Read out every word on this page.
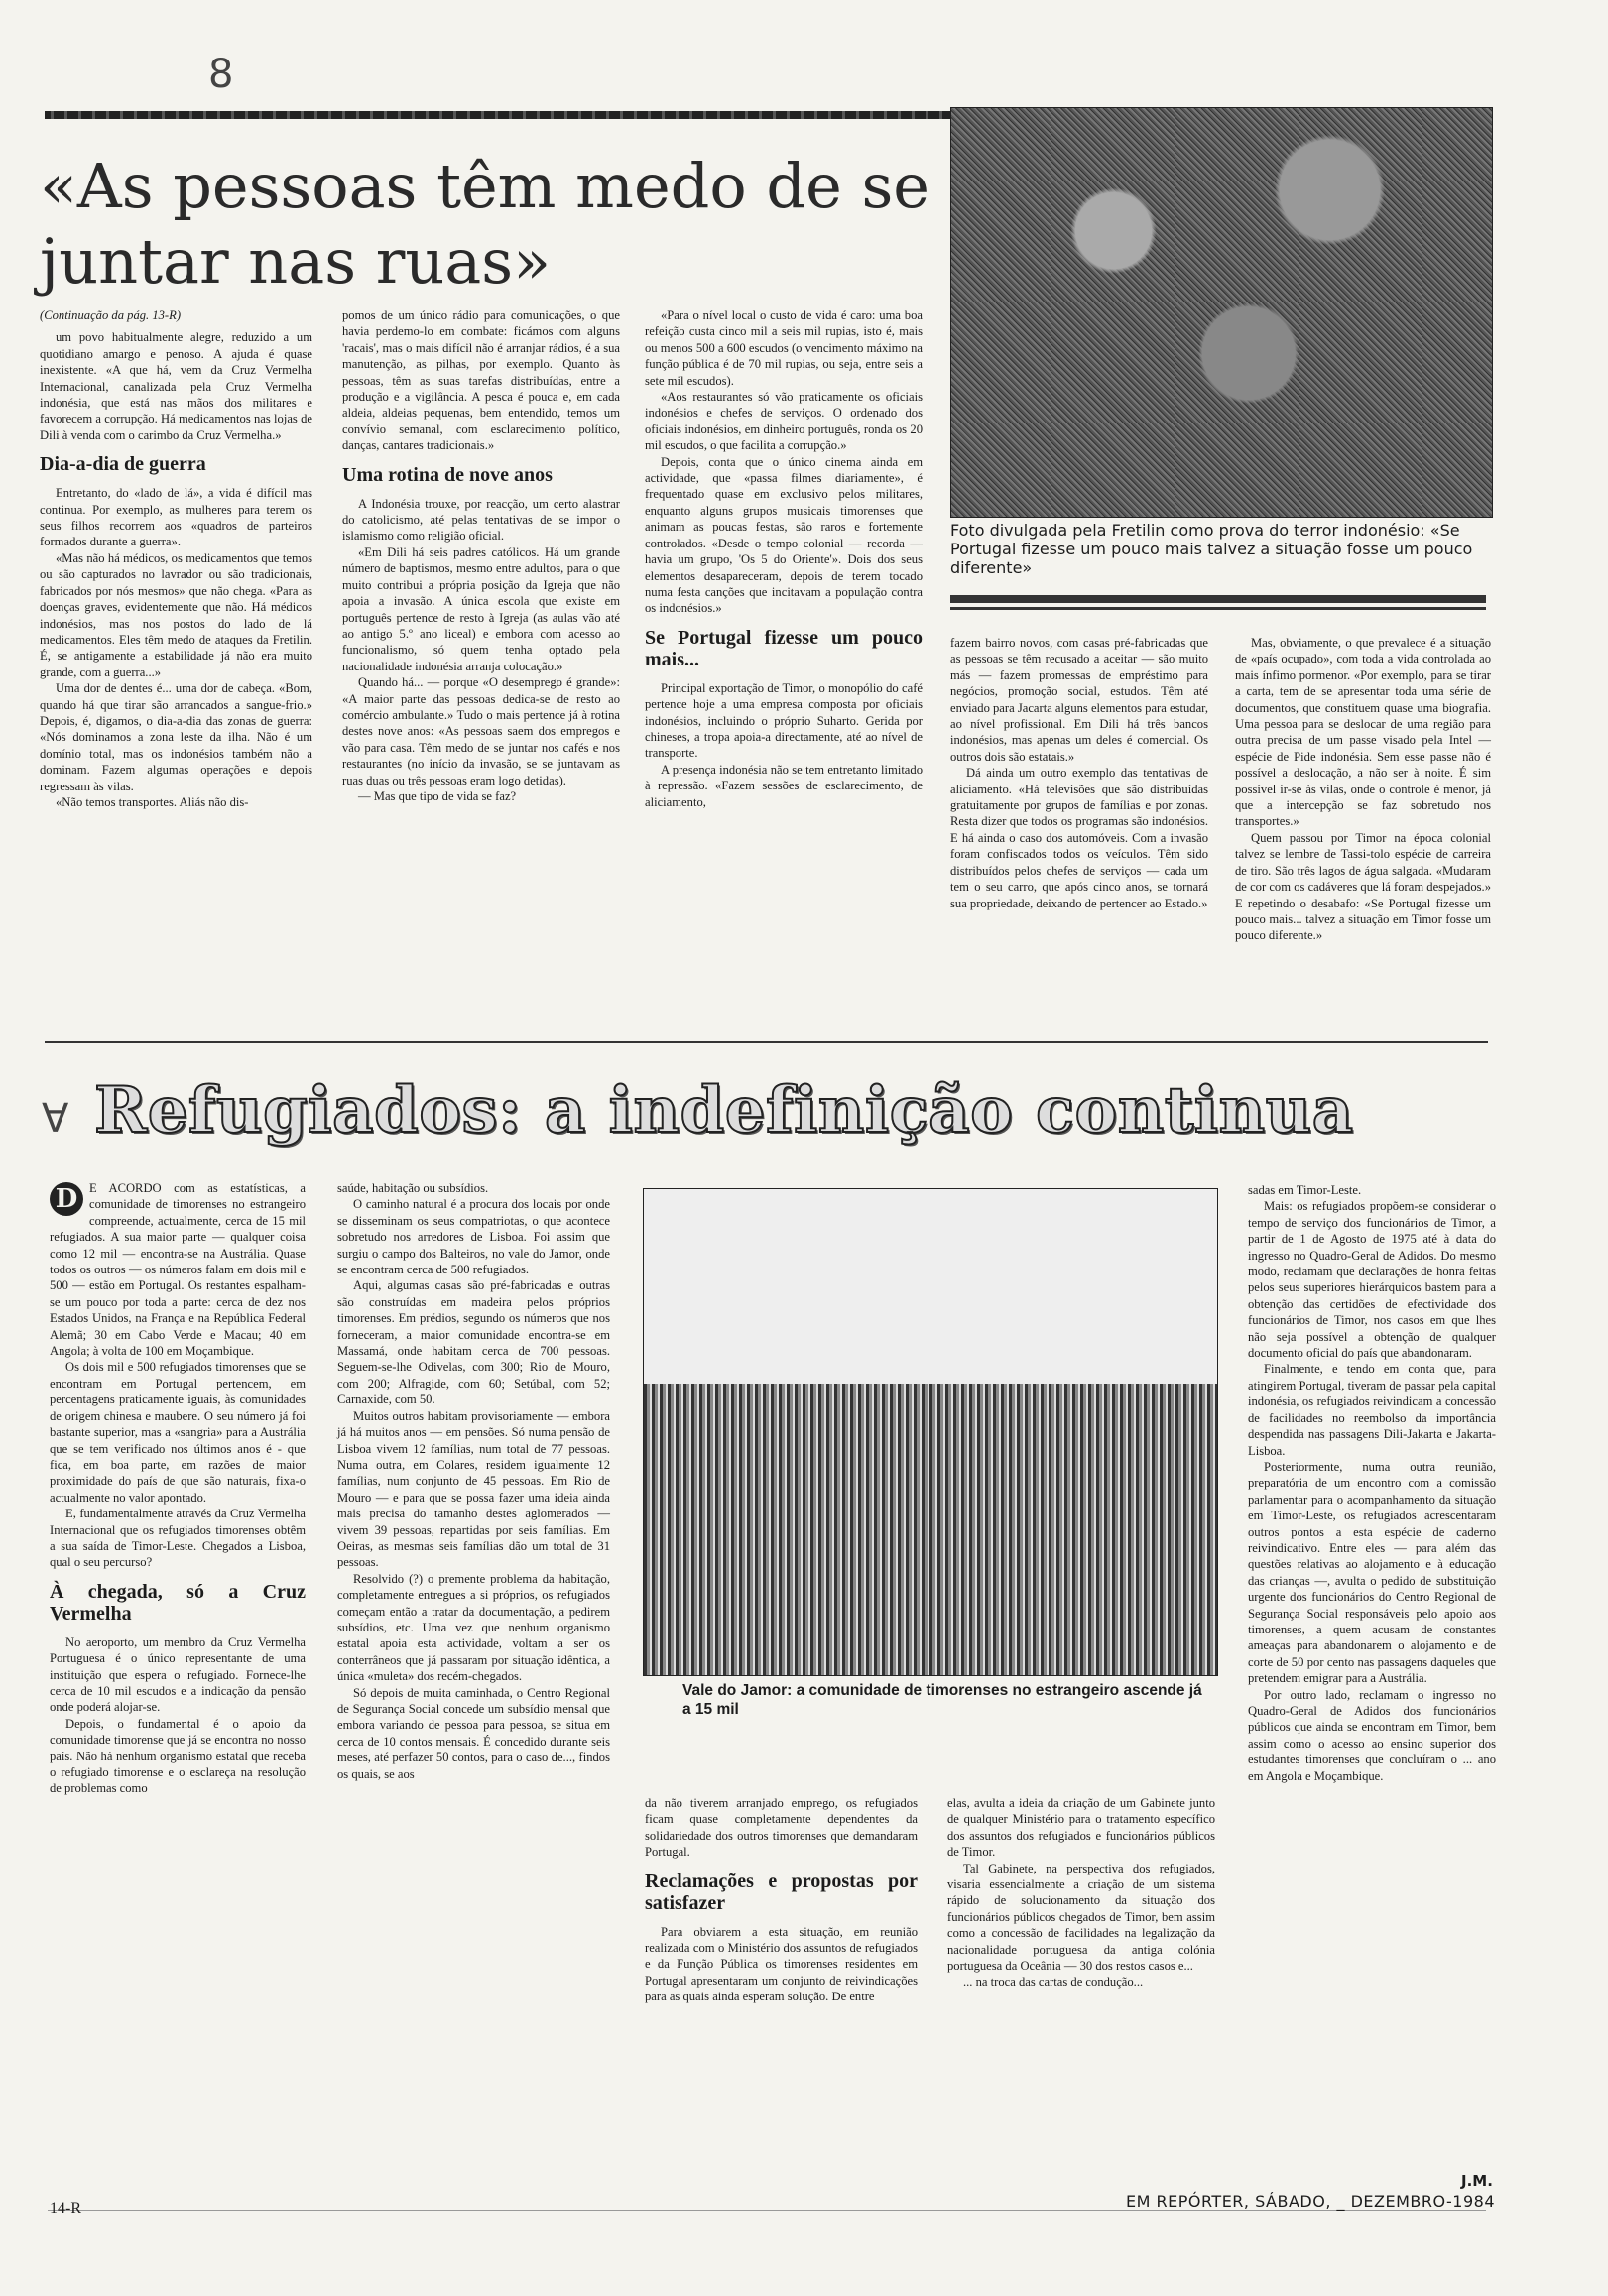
8
∀
«As pessoas têm medo de se juntar nas ruas»

(Continuação da pág. 13-R)

um povo habitualmente alegre, reduzido a um quotidiano amargo e penoso. A ajuda é quase inexistente. «A que há, vem da Cruz Vermelha Internacional, canalizada pela Cruz Vermelha indonésia, que está nas mãos dos militares e favorecem a corrupção. Há medicamentos nas lojas de Dili à venda com o carimbo da Cruz Vermelha.»

Dia-a-dia de guerra

Entretanto, do «lado de lá», a vida é difícil mas continua. Por exemplo, as mulheres para terem os seus filhos recorrem aos «quadros de parteiros formados durante a guerra».

«Mas não há médicos, os medicamentos que temos ou são capturados no lavrador ou são tradicionais, fabricados por nós mesmos» que não chega. «Para as doenças graves, evidentemente que não. Há médicos indonésios, mas nos postos do lado de lá medicamentos. Eles têm medo de ataques da Fretilin. É, se antigamente a estabilidade já não era muito grande, com a guerra...»

Uma dor de dentes é... uma dor de cabeça. «Bom, quando há que tirar são arrancados a sangue-frio.» Depois, é, digamos, o dia-a-dia das zonas de guerra: «Nós dominamos a zona leste da ilha. Não é um domínio total, mas os indonésios também não a dominam. Fazem algumas operações e depois regressam às vilas.

«Não temos transportes. Aliás não dis-

pomos de um único rádio para comunicações, o que havia perdemo-lo em combate: ficámos com alguns 'racais', mas o mais difícil não é arranjar rádios, é a sua manutenção, as pilhas, por exemplo. Quanto às pessoas, têm as suas tarefas distribuídas, entre a produção e a vigilância. A pesca é pouca e, em cada aldeia, aldeias pequenas, bem entendido, temos um convívio semanal, com esclarecimento político, danças, cantares tradicionais.»

Uma rotina de nove anos

A Indonésia trouxe, por reacção, um certo alastrar do catolicismo, até pelas tentativas de se impor o islamismo como religião oficial.

«Em Dili há seis padres católicos. Há um grande número de baptismos, mesmo entre adultos, para o que muito contribui a própria posição da Igreja que não apoia a invasão. A única escola que existe em português pertence de resto à Igreja (as aulas vão até ao antigo 5.º ano liceal) e embora com acesso ao funcionalismo, só quem tenha optado pela nacionalidade indonésia arranja colocação.»

Quando há... — porque «O desemprego é grande»: «A maior parte das pessoas dedica-se de resto ao comércio ambulante.» Tudo o mais pertence já à rotina destes nove anos: «As pessoas saem dos empregos e vão para casa. Têm medo de se juntar nos cafés e nos restaurantes (no início da invasão, se se juntavam as ruas duas ou três pessoas eram logo detidas).

— Mas que tipo de vida se faz?

«Para o nível local o custo de vida é caro: uma boa refeição custa cinco mil a seis mil rupias, isto é, mais ou menos 500 a 600 escudos (o vencimento máximo na função pública é de 70 mil rupias, ou seja, entre seis a sete mil escudos).

«Aos restaurantes só vão praticamente os oficiais indonésios e chefes de serviços. O ordenado dos oficiais indonésios, em dinheiro português, ronda os 20 mil escudos, o que facilita a corrupção.»

Depois, conta que o único cinema ainda em actividade, que «passa filmes diariamente», é frequentado quase em exclusivo pelos militares, enquanto alguns grupos musicais timorenses que animam as poucas festas, são raros e fortemente controlados. «Desde o tempo colonial — recorda — havia um grupo, 'Os 5 do Oriente'». Dois dos seus elementos desapareceram, depois de terem tocado numa festa canções que incitavam a população contra os indonésios.»

Se Portugal fizesse um pouco mais...

Principal exportação de Timor, o monopólio do café pertence hoje a uma empresa composta por oficiais indonésios, incluindo o próprio Suharto. Gerida por chineses, a tropa apoia-a directamente, até ao nível de transporte.

A presença indonésia não se tem entretanto limitado à repressão. «Fazem sessões de esclarecimento, de aliciamento,

Foto divulgada pela Fretilin como prova do terror indonésio: «Se Portugal fizesse um pouco mais talvez a situação fosse um pouco diferente»

fazem bairro novos, com casas pré-fabricadas que as pessoas se têm recusado a aceitar — são muito más — fazem promessas de empréstimo para negócios, promoção social, estudos. Têm até enviado para Jacarta alguns elementos para estudar, ao nível profissional. Em Dili há três bancos indonésios, mas apenas um deles é comercial. Os outros dois são estatais.»

Dá ainda um outro exemplo das tentativas de aliciamento. «Há televisões que são distribuídas gratuitamente por grupos de famílias e por zonas. Resta dizer que todos os programas são indonésios. E há ainda o caso dos automóveis. Com a invasão foram confiscados todos os veículos. Têm sido distribuídos pelos chefes de serviços — cada um tem o seu carro, que após cinco anos, se tornará sua propriedade, deixando de pertencer ao Estado.»

Mas, obviamente, o que prevalece é a situação de «país ocupado», com toda a vida controlada ao mais ínfimo pormenor. «Por exemplo, para se tirar a carta, tem de se apresentar toda uma série de documentos, que constituem quase uma biografia. Uma pessoa para se deslocar de uma região para outra precisa de um passe visado pela Intel — espécie de Pide indonésia. Sem esse passe não é possível a deslocação, a não ser à noite. É sim possível ir-se às vilas, onde o controle é menor, já que a intercepção se faz sobretudo nos transportes.»

Quem passou por Timor na época colonial talvez se lembre de Tassi-tolo espécie de carreira de tiro. São três lagos de água salgada. «Mudaram de cor com os cadáveres que lá foram despejados.» E repetindo o desabafo: «Se Portugal fizesse um pouco mais... talvez a situação em Timor fosse um pouco diferente.»

Refugiados: a indefinição continua

D E ACORDO com as estatísticas, a comunidade de timorenses no estrangeiro compreende, actualmente, cerca de 15 mil refugiados. A sua maior parte — qualquer coisa como 12 mil — encontra-se na Austrália. Quase todos os outros — os números falam em dois mil e 500 — estão em Portugal. Os restantes espalham-se um pouco por toda a parte: cerca de dez nos Estados Unidos, na França e na República Federal Alemã; 30 em Cabo Verde e Macau; 40 em Angola; à volta de 100 em Moçambique.

Os dois mil e 500 refugiados timorenses que se encontram em Portugal pertencem, em percentagens praticamente iguais, às comunidades de origem chinesa e maubere. O seu número já foi bastante superior, mas a «sangria» para a Austrália que se tem verificado nos últimos anos é - que fica, em boa parte, em razões de maior proximidade do país de que são naturais, fixa-o actualmente no valor apontado.

E, fundamentalmente através da Cruz Vermelha Internacional que os refugiados timorenses obtêm a sua saída de Timor-Leste. Chegados a Lisboa, qual o seu percurso?

À chegada, só a Cruz Vermelha

No aeroporto, um membro da Cruz Vermelha Portuguesa é o único representante de uma instituição que espera o refugiado. Fornece-lhe cerca de 10 mil escudos e a indicação da pensão onde poderá alojar-se.

Depois, o fundamental é o apoio da comunidade timorense que já se encontra no nosso país. Não há nenhum organismo estatal que receba o refugiado timorense e o esclareça na resolução de problemas como

saúde, habitação ou subsídios.

O caminho natural é a procura dos locais por onde se disseminam os seus compatriotas, o que acontece sobretudo nos arredores de Lisboa. Foi assim que surgiu o campo dos Balteiros, no vale do Jamor, onde se encontram cerca de 500 refugiados.

Aqui, algumas casas são pré-fabricadas e outras são construídas em madeira pelos próprios timorenses. Em prédios, segundo os números que nos forneceram, a maior comunidade encontra-se em Massamá, onde habitam cerca de 700 pessoas. Seguem-se-lhe Odivelas, com 300; Rio de Mouro, com 200; Alfragide, com 60; Setúbal, com 52; Carnaxide, com 50.

Muitos outros habitam provisoriamente — embora já há muitos anos — em pensões. Só numa pensão de Lisboa vivem 12 famílias, num total de 77 pessoas. Numa outra, em Colares, residem igualmente 12 famílias, num conjunto de 45 pessoas. Em Rio de Mouro — e para que se possa fazer uma ideia ainda mais precisa do tamanho destes aglomerados — vivem 39 pessoas, repartidas por seis famílias. Em Oeiras, as mesmas seis famílias dão um total de 31 pessoas.

Resolvido (?) o premente problema da habitação, completamente entregues a si próprios, os refugiados começam então a tratar da documentação, a pedirem subsídios, etc. Uma vez que nenhum organismo estatal apoia esta actividade, voltam a ser os conterrâneos que já passaram por situação idêntica, a única «muleta» dos recém-chegados.

Só depois de muita caminhada, o Centro Regional de Segurança Social concede um subsídio mensal que embora variando de pessoa para pessoa, se situa em cerca de 10 contos mensais. É concedido durante seis meses, até perfazer 50 contos, para o caso de..., findos os quais, se aos

Vale do Jamor: a comunidade de timorenses no estrangeiro ascende já a 15 mil

da não tiverem arranjado emprego, os refugiados ficam quase completamente dependentes da solidariedade dos outros timorenses que demandaram Portugal.

Reclamações e propostas por satisfazer

Para obviarem a esta situação, em reunião realizada com o Ministério dos assuntos de refugiados e da Função Pública os timorenses residentes em Portugal apresentaram um conjunto de reivindicações para as quais ainda esperam solução. De entre

elas, avulta a ideia da criação de um Gabinete junto de qualquer Ministério para o tratamento específico dos assuntos dos refugiados e funcionários públicos de Timor.

Tal Gabinete, na perspectiva dos refugiados, visaria essencialmente a criação de um sistema rápido de solucionamento da situação dos funcionários públicos chegados de Timor, bem assim como a concessão de facilidades na legalização da nacionalidade portuguesa da antiga colónia portuguesa da Oceânia — 30 dos restos casos e...

... na troca das cartas de condução...

sadas em Timor-Leste.

Mais: os refugiados propõem-se considerar o tempo de serviço dos funcionários de Timor, a partir de 1 de Agosto de 1975 até à data do ingresso no Quadro-Geral de Adidos. Do mesmo modo, reclamam que declarações de honra feitas pelos seus superiores hierárquicos bastem para a obtenção das certidões de efectividade dos funcionários de Timor, nos casos em que lhes não seja possível a obtenção de qualquer documento oficial do país que abandonaram.

Finalmente, e tendo em conta que, para atingirem Portugal, tiveram de passar pela capital indonésia, os refugiados reivindicam a concessão de facilidades no reembolso da importância despendida nas passagens Dili-Jakarta e Jakarta-Lisboa.

Posteriormente, numa outra reunião, preparatória de um encontro com a comissão parlamentar para o acompanhamento da situação em Timor-Leste, os refugiados acrescentaram outros pontos a esta espécie de caderno reivindicativo. Entre eles — para além das questões relativas ao alojamento e à educação das crianças —, avulta o pedido de substituição urgente dos funcionários do Centro Regional de Segurança Social responsáveis pelo apoio aos timorenses, a quem acusam de constantes ameaças para abandonarem o alojamento e de corte de 50 por cento nas passagens daqueles que pretendem emigrar para a Austrália.

Por outro lado, reclamam o ingresso no Quadro-Geral de Adidos dos funcionários públicos que ainda se encontram em Timor, bem assim como o acesso ao ensino superior dos estudantes timorenses que concluíram o ... ano em Angola e Moçambique.

J.M.
14-R	EM REPÓRTER, SÁBADO, _ DEZEMBRO-1984
